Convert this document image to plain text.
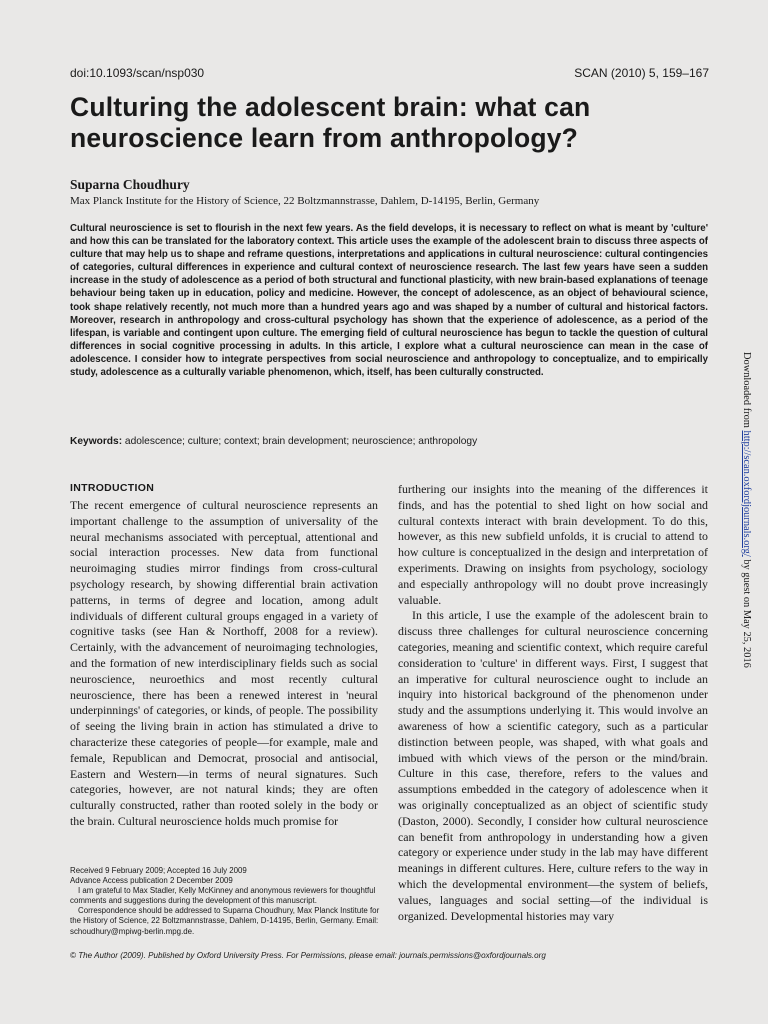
doi:10.1093/scan/nsp030	SCAN (2010) 5, 159–167
Culturing the adolescent brain: what can neuroscience learn from anthropology?
Suparna Choudhury
Max Planck Institute for the History of Science, 22 Boltzmannstrasse, Dahlem, D-14195, Berlin, Germany
Cultural neuroscience is set to flourish in the next few years. As the field develops, it is necessary to reflect on what is meant by 'culture' and how this can be translated for the laboratory context. This article uses the example of the adolescent brain to discuss three aspects of culture that may help us to shape and reframe questions, interpretations and applications in cultural neuroscience: cultural contingencies of categories, cultural differences in experience and cultural context of neuroscience research. The last few years have seen a sudden increase in the study of adolescence as a period of both structural and functional plasticity, with new brain-based explanations of teenage behaviour being taken up in education, policy and medicine. However, the concept of adolescence, as an object of behavioural science, took shape relatively recently, not much more than a hundred years ago and was shaped by a number of cultural and historical factors. Moreover, research in anthropology and cross-cultural psychology has shown that the experience of adolescence, as a period of the lifespan, is variable and contingent upon culture. The emerging field of cultural neuroscience has begun to tackle the question of cultural differences in social cognitive processing in adults. In this article, I explore what a cultural neuroscience can mean in the case of adolescence. I consider how to integrate perspectives from social neuroscience and anthropology to conceptualize, and to empirically study, adolescence as a culturally variable phenomenon, which, itself, has been culturally constructed.
Keywords: adolescence; culture; context; brain development; neuroscience; anthropology
INTRODUCTION

The recent emergence of cultural neuroscience represents an important challenge to the assumption of universality of the neural mechanisms associated with perceptual, attentional and social interaction processes. New data from functional neuroimaging studies mirror findings from cross-cultural psychology research, by showing differential brain activation patterns, in terms of degree and location, among adult individuals of different cultural groups engaged in a variety of cognitive tasks (see Han & Northoff, 2008 for a review). Certainly, with the advancement of neuroimaging technologies, and the formation of new interdisciplinary fields such as social neuroscience, neuroethics and most recently cultural neuroscience, there has been a renewed interest in 'neural underpinnings' of categories, or kinds, of people. The possibility of seeing the living brain in action has stimulated a drive to characterize these categories of people—for example, male and female, Republican and Democrat, prosocial and antisocial, Eastern and Western—in terms of neural signatures. Such categories, however, are not natural kinds; they are often culturally constructed, rather than rooted solely in the body or the brain. Cultural neuroscience holds much promise for

furthering our insights into the meaning of the differences it finds, and has the potential to shed light on how social and cultural contexts interact with brain development. To do this, however, as this new subfield unfolds, it is crucial to attend to how culture is conceptualized in the design and interpretation of experiments. Drawing on insights from psychology, sociology and especially anthropology will no doubt prove increasingly valuable.

In this article, I use the example of the adolescent brain to discuss three challenges for cultural neuroscience concerning categories, meaning and scientific context, which require careful consideration to 'culture' in different ways. First, I suggest that an imperative for cultural neuroscience ought to include an inquiry into historical background of the phenomenon under study and the assumptions underlying it. This would involve an awareness of how a scientific category, such as a particular distinction between people, was shaped, with what goals and imbued with which views of the person or the mind/brain. Culture in this case, therefore, refers to the values and assumptions embedded in the category of adolescence when it was originally conceptualized as an object of scientific study (Daston, 2000). Secondly, I consider how cultural neuroscience can benefit from anthropology in understanding how a given category or experience under study in the lab may have different meanings in different cultures. Here, culture refers to the way in which the developmental environment—the system of beliefs, values, languages and social setting—of the individual is organized. Developmental histories may vary

Received 9 February 2009; Accepted 16 July 2009
Advance Access publication 2 December 2009
I am grateful to Max Stadler, Kelly McKinney and anonymous reviewers for thoughtful comments and suggestions during the development of this manuscript.
Correspondence should be addressed to Suparna Choudhury, Max Planck Institute for the History of Science, 22 Boltzmannstrasse, Dahlem, D-14195, Berlin, Germany. Email: schoudhury@mpiwg-berlin.mpg.de.
© The Author (2009). Published by Oxford University Press. For Permissions, please email: journals.permissions@oxfordjournals.org
Downloaded from http://scan.oxfordjournals.org/ by guest on May 25, 2016
